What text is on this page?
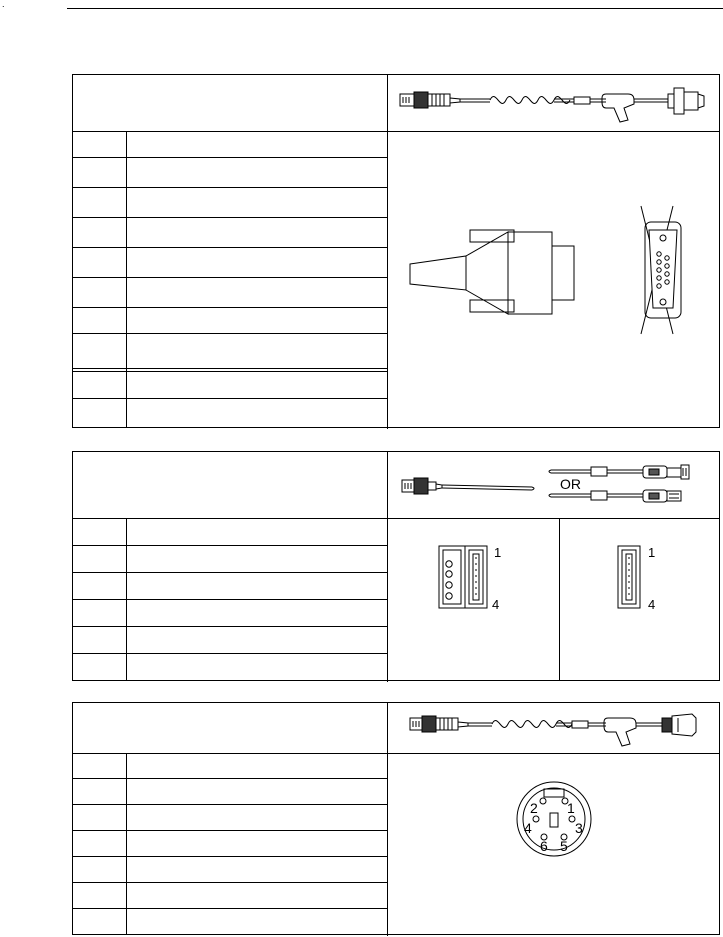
.
OR
1
4
1
4
1
2
3
4
5
6
